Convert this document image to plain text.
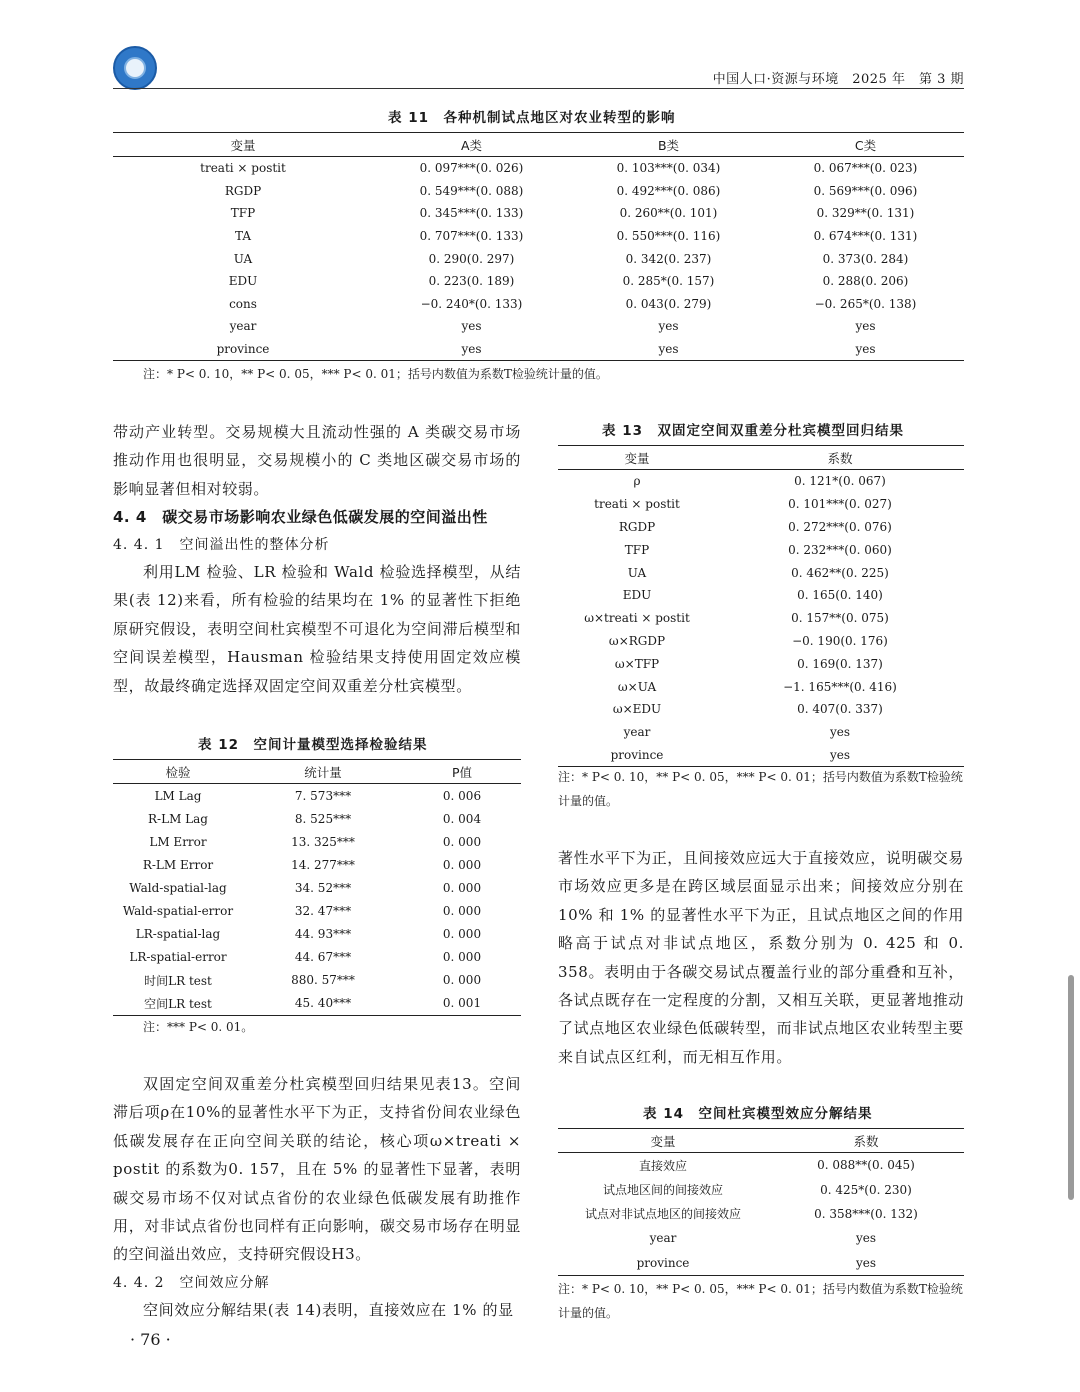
中国人口·资源与环境　2025 年　第 3 期
表 11　各种机制试点地区对农业转型的影响
变量	A类	B类	C类
treati × postit	0. 097***(0. 026)	0. 103***(0. 034)	0. 067***(0. 023)
RGDP	0. 549***(0. 088)	0. 492***(0. 086)	0. 569***(0. 096)
TFP	0. 345***(0. 133)	0. 260**(0. 101)	0. 329**(0. 131)
TA	0. 707***(0. 133)	0. 550***(0. 116)	0. 674***(0. 131)
UA	0. 290(0. 297)	0. 342(0. 237)	0. 373(0. 284)
EDU	0. 223(0. 189)	0. 285*(0. 157)	0. 288(0. 206)
cons	−0. 240*(0. 133)	0. 043(0. 279)	−0. 265*(0. 138)
year	yes	yes	yes
province	yes	yes	yes
注：* P< 0. 10，** P< 0. 05，*** P< 0. 01；括号内数值为系数T检验统计量的值。

带动产业转型。交易规模大且流动性强的 A 类碳交易市场推动作用也很明显，交易规模小的 C 类地区碳交易市场的影响显著但相对较弱。

4. 4　碳交易市场影响农业绿色低碳发展的空间溢出性
4. 4. 1　空间溢出性的整体分析

利用LM 检验、LR 检验和 Wald 检验选择模型，从结果(表 12)来看，所有检验的结果均在 1% 的显著性下拒绝原研究假设，表明空间杜宾模型不可退化为空间滞后模型和空间误差模型，Hausman 检验结果支持使用固定效应模型，故最终确定选择双固定空间双重差分杜宾模型。

表 12　空间计量模型选择检验结果
检验	统计量	P值
LM Lag	7. 573***	0. 006
R-LM Lag	8. 525***	0. 004
LM Error	13. 325***	0. 000
R-LM Error	14. 277***	0. 000
Wald-spatial-lag	34. 52***	0. 000
Wald-spatial-error	32. 47***	0. 000
LR-spatial-lag	44. 93***	0. 000
LR-spatial-error	44. 67***	0. 000
时间LR test	880. 57***	0. 000
空间LR test	45. 40***	0. 001
注：*** P< 0. 01。

双固定空间双重差分杜宾模型回归结果见表13。空间滞后项ρ在10%的显著性水平下为正，支持省份间农业绿色低碳发展存在正向空间关联的结论，核心项ω×treati × postit 的系数为0. 157，且在 5% 的显著性下显著，表明碳交易市场不仅对试点省份的农业绿色低碳发展有助推作用，对非试点省份也同样有正向影响，碳交易市场存在明显的空间溢出效应，支持研究假设H3。

4. 4. 2　空间效应分解

空间效应分解结果(表 14)表明，直接效应在 1% 的显

· 76 ·
表 13　双固定空间双重差分杜宾模型回归结果
变量	系数
ρ	0. 121*(0. 067)
treati × postit	0. 101***(0. 027)
RGDP	0. 272***(0. 076)
TFP	0. 232***(0. 060)
UA	0. 462**(0. 225)
EDU	0. 165(0. 140)
ω×treati × postit	0. 157**(0. 075)
ω×RGDP	−0. 190(0. 176)
ω×TFP	0. 169(0. 137)
ω×UA	−1. 165***(0. 416)
ω×EDU	0. 407(0. 337)
year	yes
province	yes
注：* P< 0. 10，** P< 0. 05，*** P< 0. 01；括号内数值为系数T检验统计量的值。

著性水平下为正，且间接效应远大于直接效应，说明碳交易市场效应更多是在跨区域层面显示出来；间接效应分别在 10% 和 1% 的显著性水平下为正，且试点地区之间的作用略高于试点对非试点地区，系数分别为 0. 425 和 0. 358。表明由于各碳交易试点覆盖行业的部分重叠和互补，各试点既存在一定程度的分割，又相互关联，更显著地推动了试点地区农业绿色低碳转型，而非试点地区农业转型主要来自试点区红利，而无相互作用。

表 14　空间杜宾模型效应分解结果
变量	系数
直接效应	0. 088**(0. 045)
试点地区间的间接效应	0. 425*(0. 230)
试点对非试点地区的间接效应	0. 358***(0. 132)
year	yes
province	yes
注：* P< 0. 10，** P< 0. 05，*** P< 0. 01；括号内数值为系数T检验统计量的值。
